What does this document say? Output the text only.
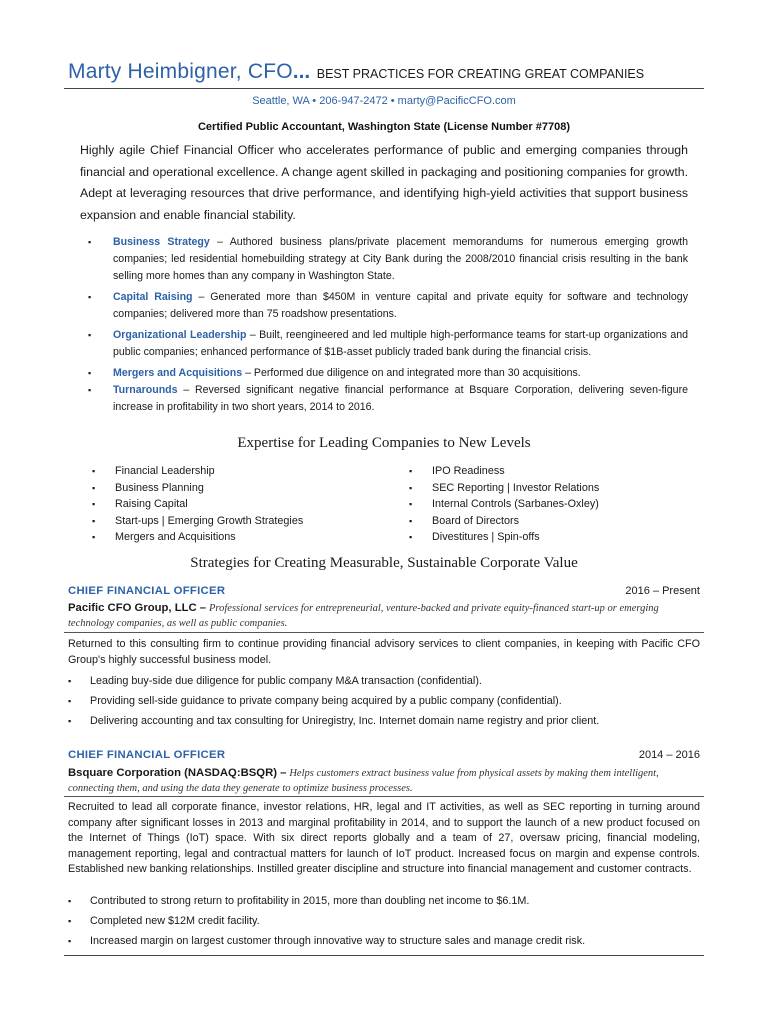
Marty Heimbigner, CFO... BEST PRACTICES FOR CREATING GREAT COMPANIES
Seattle, WA • 206-947-2472 • marty@PacificCFO.com
Certified Public Accountant, Washington State (License Number #7708)
Highly agile Chief Financial Officer who accelerates performance of public and emerging companies through financial and operational excellence. A change agent skilled in packaging and positioning companies for growth. Adept at leveraging resources that drive performance, and identifying high-yield activities that support business expansion and enable financial stability.
▪ Business Strategy – Authored business plans/private placement memorandums for numerous emerging growth companies; led residential homebuilding strategy at City Bank during the 2008/2010 financial crisis resulting in the bank selling more homes than any company in Washington State.
▪ Capital Raising – Generated more than $450M in venture capital and private equity for software and technology companies; delivered more than 75 roadshow presentations.
▪ Organizational Leadership – Built, reengineered and led multiple high-performance teams for start-up organizations and public companies; enhanced performance of $1B-asset publicly traded bank during the financial crisis.
▪ Mergers and Acquisitions – Performed due diligence on and integrated more than 30 acquisitions.
▪ Turnarounds – Reversed significant negative financial performance at Bsquare Corporation, delivering seven-figure increase in profitability in two short years, 2014 to 2016.
Expertise for Leading Companies to New Levels
▪ Financial Leadership
▪ Business Planning
▪ Raising Capital
▪ Start-ups | Emerging Growth Strategies
▪ Mergers and Acquisitions
▪ IPO Readiness
▪ SEC Reporting | Investor Relations
▪ Internal Controls (Sarbanes-Oxley)
▪ Board of Directors
▪ Divestitures | Spin-offs
Strategies for Creating Measurable, Sustainable Corporate Value
CHIEF FINANCIAL OFFICER	2016 – Present
Pacific CFO Group, LLC – Professional services for entrepreneurial, venture-backed and private equity-financed start-up or emerging technology companies, as well as public companies.
Returned to this consulting firm to continue providing financial advisory services to client companies, in keeping with Pacific CFO Group's highly successful business model.
▪ Leading buy-side due diligence for public company M&A transaction (confidential).
▪ Providing sell-side guidance to private company being acquired by a public company (confidential).
▪ Delivering accounting and tax consulting for Uniregistry, Inc. Internet domain name registry and prior client.
CHIEF FINANCIAL OFFICER	2014 – 2016
Bsquare Corporation (NASDAQ:BSQR) – Helps customers extract business value from physical assets by making them intelligent, connecting them, and using the data they generate to optimize business processes.
Recruited to lead all corporate finance, investor relations, HR, legal and IT activities, as well as SEC reporting in turning around company after significant losses in 2013 and marginal profitability in 2014, and to support the launch of a new product focused on the Internet of Things (IoT) space. With six direct reports globally and a team of 27, oversaw pricing, financial modeling, management reporting, legal and contractual matters for launch of IoT product. Increased focus on margin and expense controls. Established new banking relationships. Instilled greater discipline and structure into financial management and customer contracts.
▪ Contributed to strong return to profitability in 2015, more than doubling net income to $6.1M.
▪ Completed new $12M credit facility.
▪ Increased margin on largest customer through innovative way to structure sales and manage credit risk.
